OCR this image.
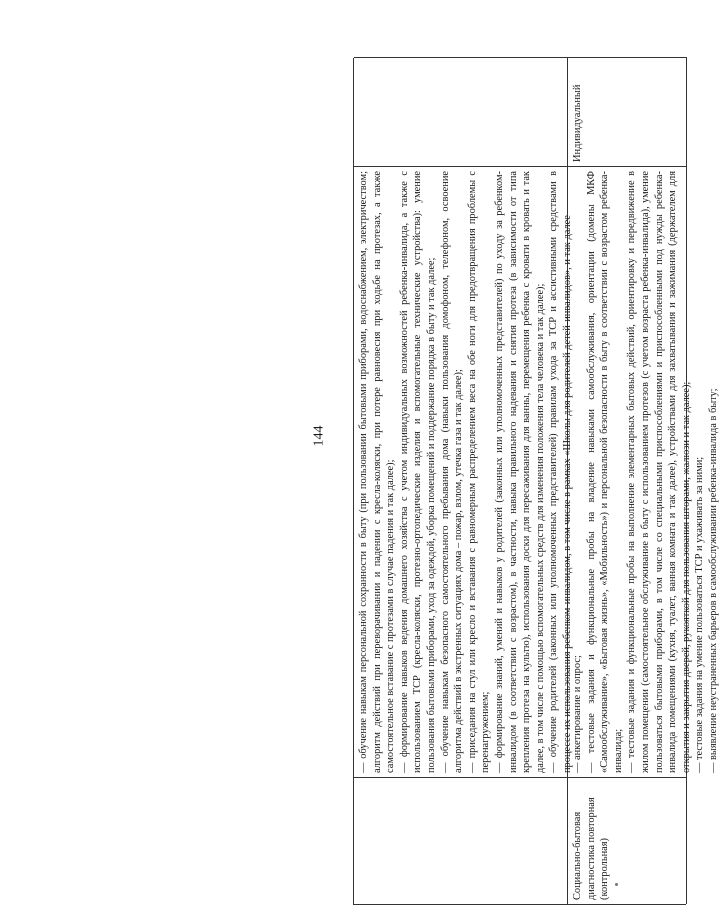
144	— обучение навыкам персональной сохранности в быту (при пользовании бытовыми приборами, водоснабжением, электричеством; алгоритм действий при переворачивании и падении с кресла-коляски, при потере равновесия при ходьбе на протезах, а также самостоятельное вставание с протезами в случае падения и так далее); — формирование навыков ведения домашнего хозяйства с учетом индивидуальных возможностей ребенка-инвалида, а также с использованием ТСР (кресла-коляски, протезно-ортопедические изделия и вспомогательные технические устройства): умение пользования бытовыми приборами, уход за одеждой, уборка помещений и поддержание порядка в быту и так далее; — обучение навыкам безопасного самостоятельного пребывания дома (навыки пользования домофоном, телефоном, освоение алгоритма действий в экстренных ситуациях дома – пожар, взлом, утечка газа и так далее); — приседания на стул или кресло и вставания с равномерным распределением веса на обе ноги для предотвращения проблемы с перенагружением; — формирование знаний, умений и навыков у родителей (законных или уполномоченных представителей) по уходу за ребенком-инвалидом (в соответствии с возрастом), в частности, навыка правильного надевания и снятия протеза (в зависимости от типа крепления протеза на культю), использования доски для пересаживания для ванны, перемещения ребенка с кровати в кровать и так далее, в том числе с помощью вспомогательных средств для изменения положения тела человека и так далее); — обучение родителей (законных или уполномоченных представителей) правилам ухода за ТСР и ассистивными средствами в процессе их использования ребенком-инвалидом, в том числе в рамках «Школы для родителей детей-инвалидов», и так далее
Социально-бытовая диагностика повторная (контрольная)
— анкетирование и опрос; — тестовые задания и функциональные пробы на владение навыками самообслуживания, ориентации (домены МКФ «Самообслуживание», «Бытовая жизнь», «Мобильность») и персональной безопасности в быту в соответствии с возрастом ребенка-инвалида; — тестовые задания и функциональные пробы на выполнение элементарных бытовых действий, ориентировку и передвижение в жилом помещении (самостоятельное обслуживание в быту с использованием протезов (с учетом возраста ребенка-инвалида), умение пользоваться бытовыми приборами, в том числе со специальными приспособлениями и приспособленными под нужды ребенка-инвалида помещениями (кухня, туалет, ванная комната и так далее), устройствами для захватывания и зажимания (держателем для открытия и закрытия дверей, рукояткой для пользования шторами, жалюзи и так далее); — тестовые задания на умение пользоваться ТСР и ухаживать за ними; — выявление неустраненных барьеров в самообслуживании ребенка-инвалида в быту;
Индивидуальный
